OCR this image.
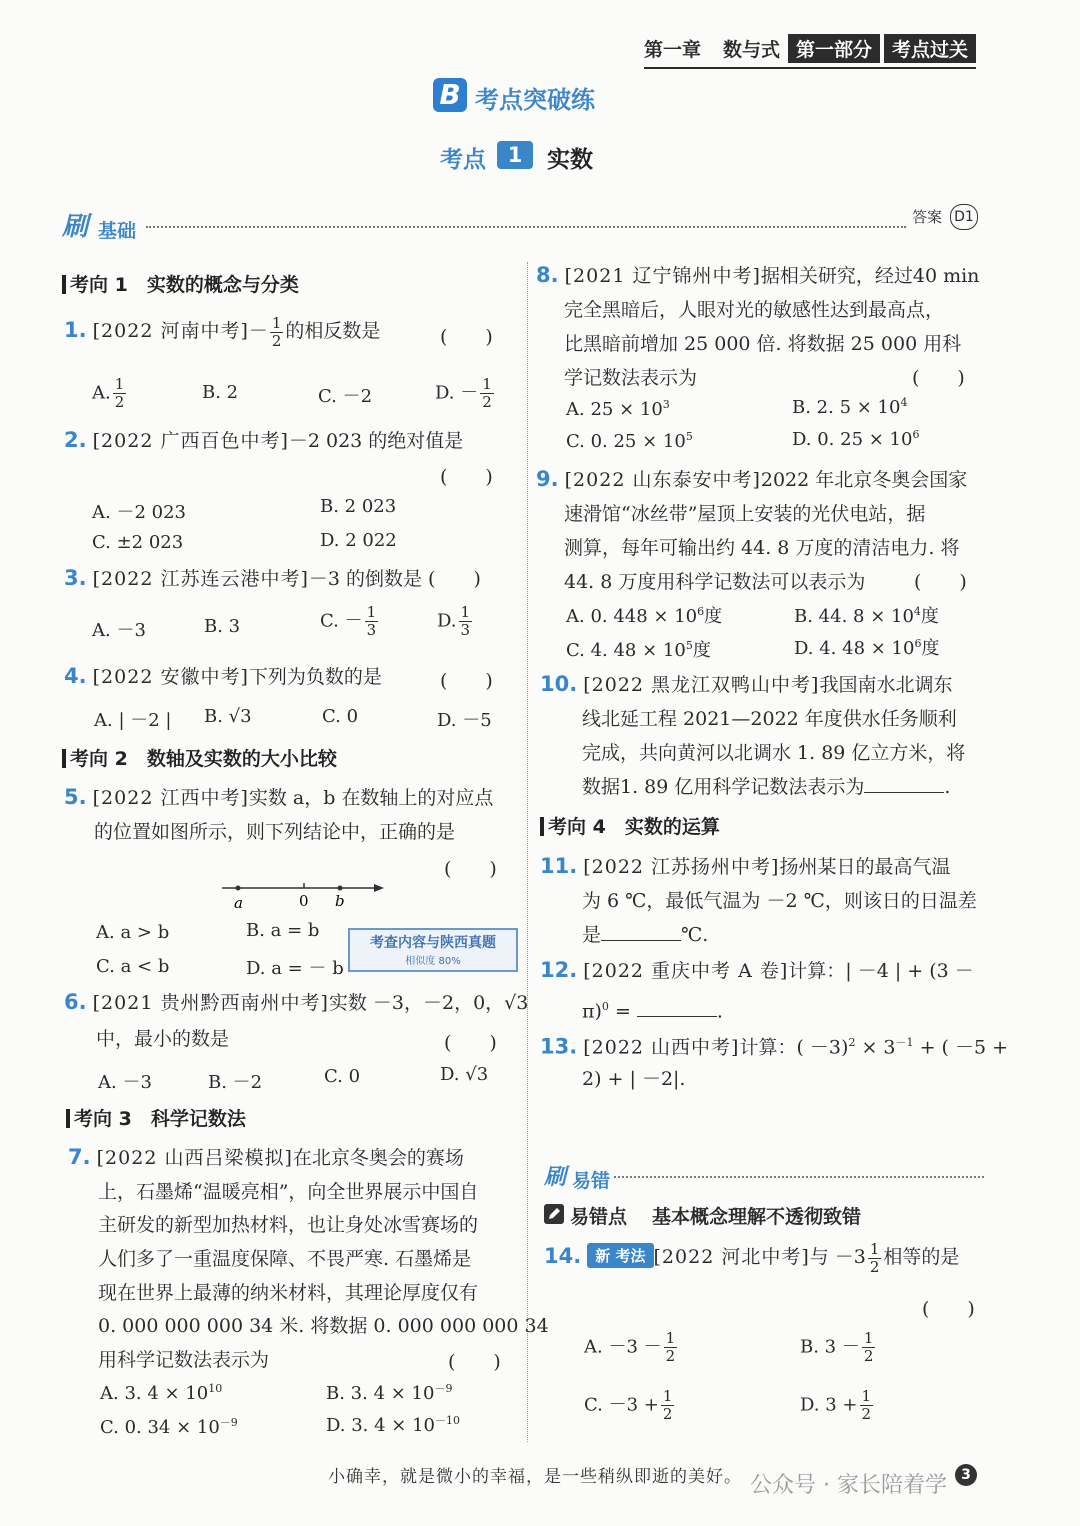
第一章 数与式 第一部分	考点过关
B 考点突破练
考点	1	实数
刷 基础
答案 D1
考向 1　实数的概念与分类
1. [2022 河南中考]－ $\frac{1}{2}$ 的相反数是	(　　)
A. $\frac{1}{2}$	B. 2	C. －2	D. － $\frac{1}{2}$
2. [2022 广西百色中考]－2 023 的绝对值是
(　　)
A. －2 023	B. 2 023
C. ±2 023	D. 2 022
3. [2022 江苏连云港中考]－3 的倒数是 (　　)
A. －3	B. 3	C. － $\frac{1}{3}$	D. $\frac{1}{3}$
4. [2022 安徽中考]下列为负数的是	(　　)
A. | －2 | B. √3	C. 0	D. －5
考向 2　数轴及实数的大小比较
5. [2022 江西中考]实数 a，b 在数轴上的对应点
的位置如图所示，则下列结论中，正确的是
(　　)
a	0 b
A. a > b	B. a = b
C. a < b	D. a = － b
考查内容与陕西真题
相似度 80%
6. [2021 贵州黔西南州中考]实数 －3，－2，0，√3
中，最小的数是	(　　)
A. －3	B. －2	C. 0	D. √3
考向 3　科学记数法
7. [2022 山西吕梁模拟]在北京冬奥会的赛场
上，石墨烯“温暖亮相”，向全世界展示中国自
主研发的新型加热材料，也让身处冰雪赛场的
人们多了一重温度保障、不畏严寒. 石墨烯是
现在世界上最薄的纳米材料，其理论厚度仅有
0. 000 000 000 34 米. 将数据 0. 000 000 000 34
用科学记数法表示为	(　　)
A. 3. $4 \times 10^{10}$	B. 3. $4 \times 10^{-9}$
C. 0. $34 \times 10^{-9}$	D. 3. $4 \times 10^{-10}$
8. [2021 辽宁锦州中考]据相关研究，经过40 min
完全黑暗后，人眼对光的敏感性达到最高点，
比黑暗前增加 25 000 倍. 将数据 25 000 用科
学记数法表示为	(　　)
A. $25 \times 10^3$	B. 2. $5 \times 10^4$
C. 0. $25 \times 10^5$	D. 0. $25 \times 10^6$
9. [2022 山东泰安中考]2022 年北京冬奥会国家
速滑馆“冰丝带”屋顶上安装的光伏电站，据
测算，每年可输出约 44. 8 万度的清洁电力. 将
44. 8 万度用科学记数法可以表示为	(　　)
A. 0. $448 \times 10^6$度	B. 44. $8 \times 10^4$度
C. 4. $48 \times 10^5$度	D. 4. $48 \times 10^6$度
10. [2022 黑龙江双鸭山中考]我国南水北调东
线北延工程 2021—2022 年度供水任务顺利
完成，共向黄河以北调水 1. 89 亿立方米，将
数据1. 89 亿用科学记数法表示为	.
考向 4　实数的运算
11. [2022 江苏扬州中考]扬州某日的最高气温
为 6 ℃，最低气温为 －2 ℃，则该日的日温差
是	℃.
12. [2022 重庆中考 A 卷]计算：| －4 | + (3 －
π)$^0$ =	.
13. [2022 山西中考]计算：( $-3)^2 \times 3^{-1}$ + ( －5 +
2) + | －2|.
刷 易错
易错点 基本概念理解不透彻致错
14. 新 考法 [2022 河北中考]与 $-3 \frac{1}{2}$ 相等的是
(　　)
A. $-3 - \frac{1}{2}$	B. $3 - \frac{1}{2}$
C. $-3 + \frac{1}{2}$	D. $3 + \frac{1}{2}$
小确幸，就是微小的幸福，是一些稍纵即逝的美好。 公众号 · 家长陪着学	3
